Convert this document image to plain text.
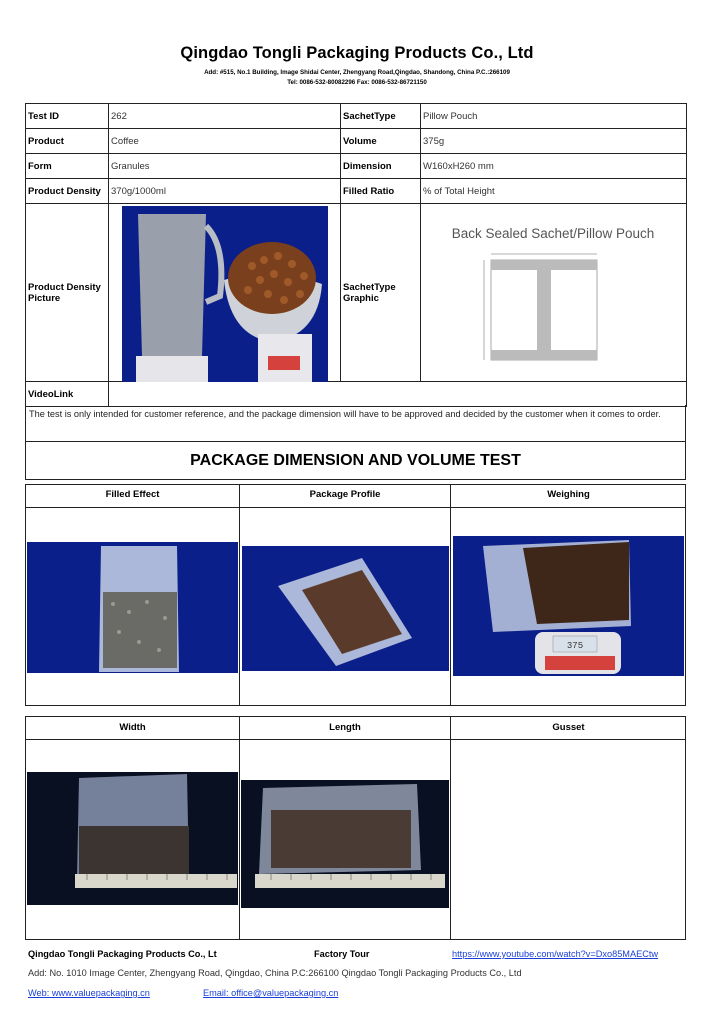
Qingdao Tongli Packaging Products Co., Ltd
Add: #515, No.1 Building, Image Shidai Center, Zhengyang Road,Qingdao, Shandong, China P.C.:266109
Tel: 0086-532-80082296 Fax: 0086-532-86721150
Test ID	262	SachetType	Pillow Pouch
Product	Coffee	Volume	375g
Form	Granules	Dimension	W160xH260 mm
Product Density	370g/1000ml	Filled Ratio	% of Total Height
Product Density Picture		SachetType Graphic	
VideoLink			
Back Sealed Sachet/Pillow Pouch
The test is only intended for customer reference, and the package dimension will have to be approved and decided by the customer when it comes to order.
PACKAGE DIMENSION AND VOLUME TEST
Filled Effect	Package Profile	Weighing
375
Width	Length	Gusset
Qingdao Tongli Packaging Products Co., Lt	Factory Tour	https://www.youtube.com/watch?v=Dxo85MAECtw
Add: No. 1010 Image Center, Zhengyang Road, Qingdao, China P.C:266100 Qingdao Tongli Packaging Products Co., Ltd
Web: www.valuepackaging.cn	Email: office@valuepackaging.cn
